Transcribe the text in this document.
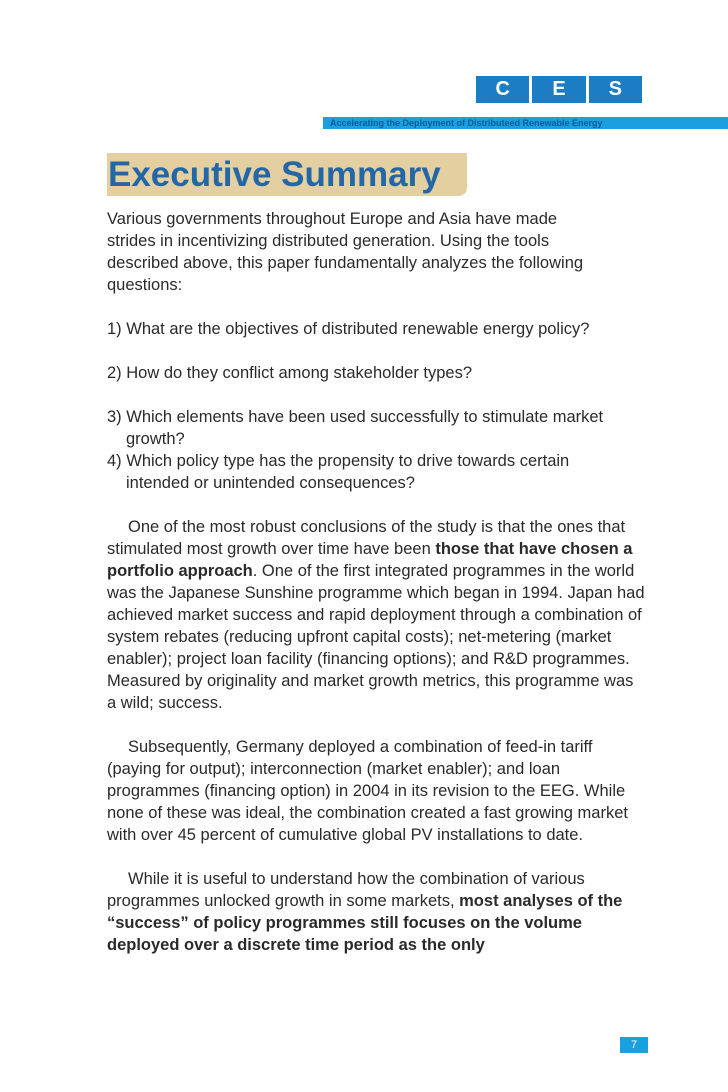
C	E	S
Accelerating the Deployment of Distributeed Renewable Energy
Executive Summary

Various governments throughout Europe and Asia have made
strides in incentivizing distributed generation. Using the tools
described above, this paper fundamentally analyzes the following
questions:

1) What are the objectives of distributed renewable energy policy?

2) How do they conflict among stakeholder types?

3) Which elements have been used successfully to stimulate market growth?

4) Which policy type has the propensity to drive towards certain intended or unintended consequences?

One of the most robust conclusions of the study is that the ones that stimulated most growth over time have been those that have chosen a portfolio approach. One of the first integrated programmes in the world was the Japanese Sunshine programme which began in 1994. Japan had achieved market success and rapid deployment through a combination of system rebates (reducing upfront capital costs); net-metering (market enabler); project loan facility (financing options); and R&D programmes. Measured by originality and market growth metrics, this programme was a wild; success.

Subsequently, Germany deployed a combination of feed-in tariff (paying for output); interconnection (market enabler); and loan programmes (financing option) in 2004 in its revision to the EEG. While none of these was ideal, the combination created a fast growing market with over 45 percent of cumulative global PV installations to date.

While it is useful to understand how the combination of various programmes unlocked growth in some markets, most analyses of the “success” of policy programmes still focuses on the volume deployed over a discrete time period as the only

7
